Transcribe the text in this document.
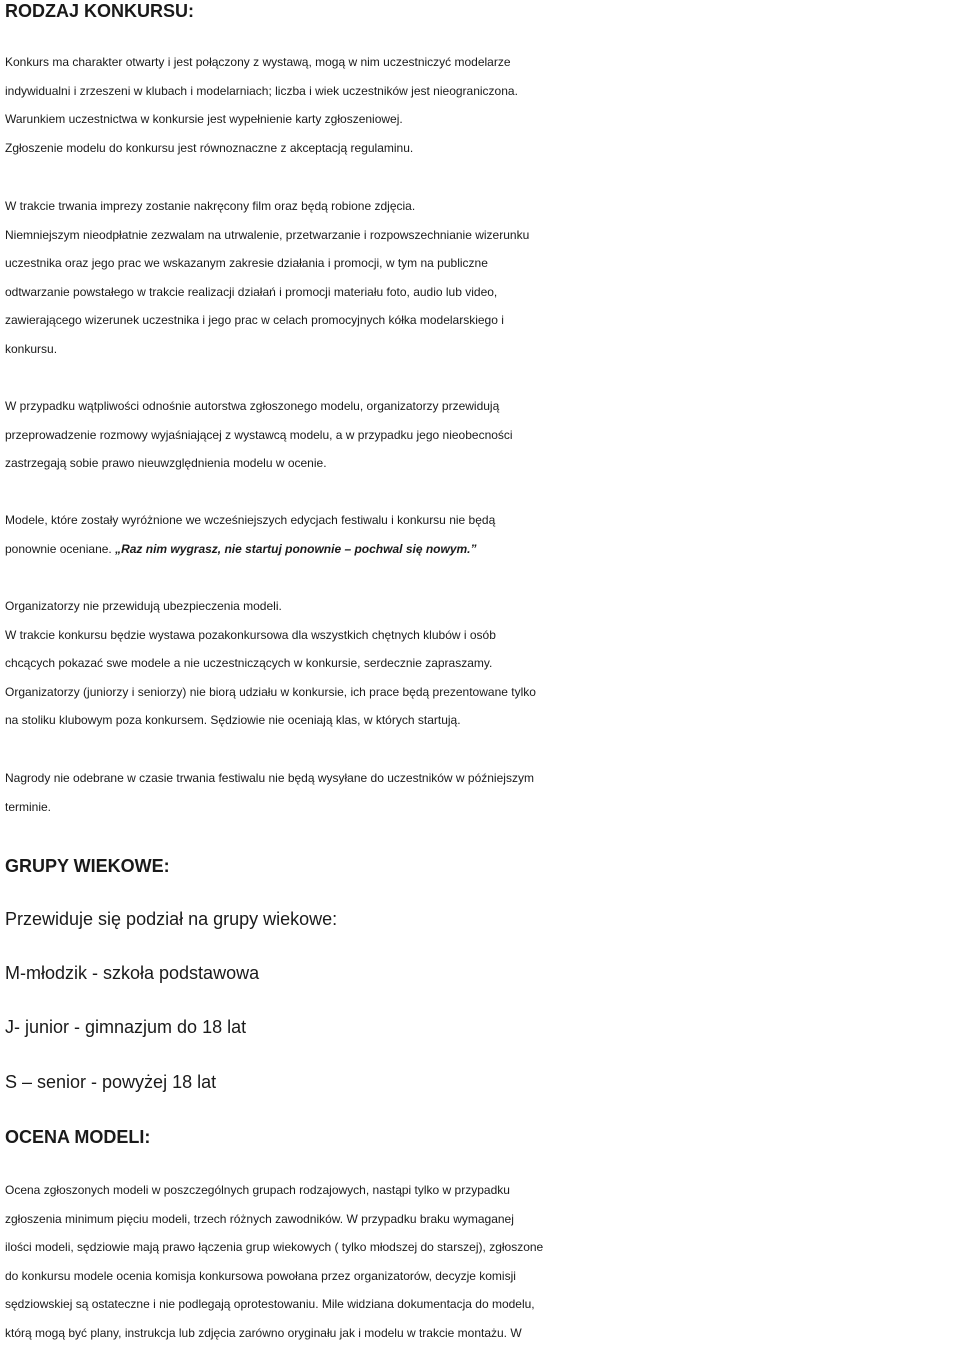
RODZAJ KONKURSU:
Konkurs ma charakter otwarty i jest połączony z wystawą, mogą w nim uczestniczyć modelarze
indywidualni i zrzeszeni w klubach i modelarniach; liczba i wiek uczestników jest nieograniczona.
Warunkiem uczestnictwa w konkursie jest wypełnienie karty zgłoszeniowej.
Zgłoszenie modelu do konkursu jest równoznaczne z akceptacją regulaminu.
W trakcie trwania imprezy zostanie nakręcony film oraz będą robione zdjęcia.
Niemniejszym nieodpłatnie zezwalam na utrwalenie, przetwarzanie i rozpowszechnianie wizerunku
uczestnika oraz jego prac we wskazanym zakresie działania i promocji, w tym na publiczne
odtwarzanie powstałego w trakcie realizacji działań i promocji materiału foto, audio lub video,
zawierającego wizerunek uczestnika i jego prac w celach promocyjnych kółka modelarskiego i
konkursu.
W przypadku wątpliwości odnośnie autorstwa zgłoszonego modelu, organizatorzy przewidują
przeprowadzenie rozmowy wyjaśniającej z wystawcą modelu, a w przypadku jego nieobecności
zastrzegają sobie prawo nieuwzględnienia modelu w ocenie.
Modele, które zostały wyróżnione we wcześniejszych edycjach festiwalu i konkursu nie będą
ponownie oceniane. „Raz nim wygrasz, nie startuj ponownie – pochwal się nowym.”
Organizatorzy nie przewidują ubezpieczenia modeli.
W trakcie konkursu będzie wystawa pozakonkursowa dla wszystkich chętnych klubów i osób
chcących pokazać swe modele a nie uczestniczących w konkursie, serdecznie zapraszamy.
Organizatorzy (juniorzy i seniorzy) nie biorą udziału w konkursie, ich prace będą prezentowane tylko
na stoliku klubowym poza konkursem. Sędziowie nie oceniają klas, w których startują.
Nagrody nie odebrane w czasie trwania festiwalu nie będą wysyłane do uczestników w późniejszym
terminie.
GRUPY WIEKOWE:
Przewiduje się podział na grupy wiekowe:
M-młodzik - szkoła podstawowa
J- junior - gimnazjum do 18 lat
S – senior - powyżej 18 lat
OCENA MODELI:
Ocena zgłoszonych modeli w poszczególnych grupach rodzajowych, nastąpi tylko w przypadku
zgłoszenia minimum pięciu modeli, trzech różnych zawodników. W przypadku braku wymaganej
ilości modeli, sędziowie mają prawo łączenia grup wiekowych ( tylko młodszej do starszej), zgłoszone
do konkursu modele ocenia komisja konkursowa powołana przez organizatorów, decyzje komisji
sędziowskiej są ostateczne i nie podlegają oprotestowaniu. Mile widziana dokumentacja do modelu,
którą mogą być plany, instrukcja lub zdjęcia zarówno oryginału jak i modelu w trakcie montażu. W
